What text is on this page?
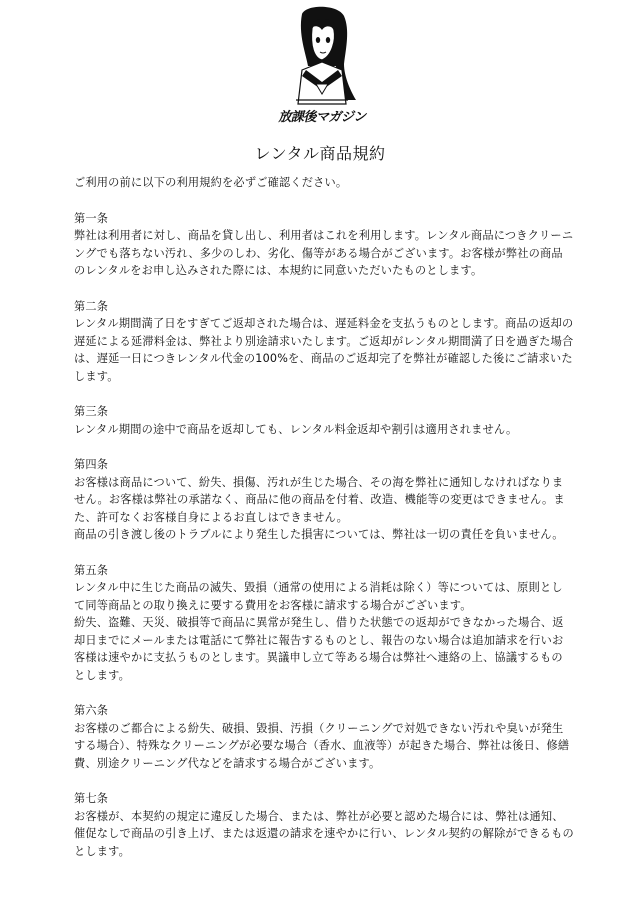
放課後マガジン
レンタル商品規約

ご利用の前に以下の利用規約を必ずご確認ください。

第一条

弊社は利用者に対し、商品を貸し出し、利用者はこれを利用します。レンタル商品につきクリーニングでも落ちない汚れ、多少のしわ、劣化、傷等がある場合がございます。お客様が弊社の商品のレンタルをお申し込みされた際には、本規約に同意いただいたものとします。

第二条

レンタル期間満了日をすぎてご返却された場合は、遅延料金を支払うものとします。商品の返却の遅延による延滞料金は、弊社より別途請求いたします。ご返却がレンタル期間満了日を過ぎた場合は、遅延一日につきレンタル代金の100%を、商品のご返却完了を弊社が確認した後にご請求いたします。

第三条

レンタル期間の途中で商品を返却しても、レンタル料金返却や割引は適用されません。

第四条

お客様は商品について、紛失、損傷、汚れが生じた場合、その海を弊社に通知しなければなりません。お客様は弊社の承諾なく、商品に他の商品を付着、改造、機能等の変更はできません。また、許可なくお客様自身によるお直しはできません。

商品の引き渡し後のトラブルにより発生した損害については、弊社は一切の責任を負いません。

第五条

レンタル中に生じた商品の滅失、毀損（通常の使用による消耗は除く）等については、原則として同等商品との取り換えに要する費用をお客様に請求する場合がございます。

紛失、盗難、天災、破損等で商品に異常が発生し、借りた状態での返却ができなかった場合、返却日までにメールまたは電話にて弊社に報告するものとし、報告のない場合は追加請求を行いお客様は速やかに支払うものとします。異議申し立て等ある場合は弊社へ連絡の上、協議するものとします。

第六条

お客様のご都合による紛失、破損、毀損、汚損（クリーニングで対処できない汚れや臭いが発生する場合）、特殊なクリーニングが必要な場合（香水、血液等）が起きた場合、弊社は後日、修繕費、別途クリーニング代などを請求する場合がございます。

第七条

お客様が、本契約の規定に違反した場合、または、弊社が必要と認めた場合には、弊社は通知、催促なしで商品の引き上げ、または返還の請求を速やかに行い、レンタル契約の解除ができるものとします。
